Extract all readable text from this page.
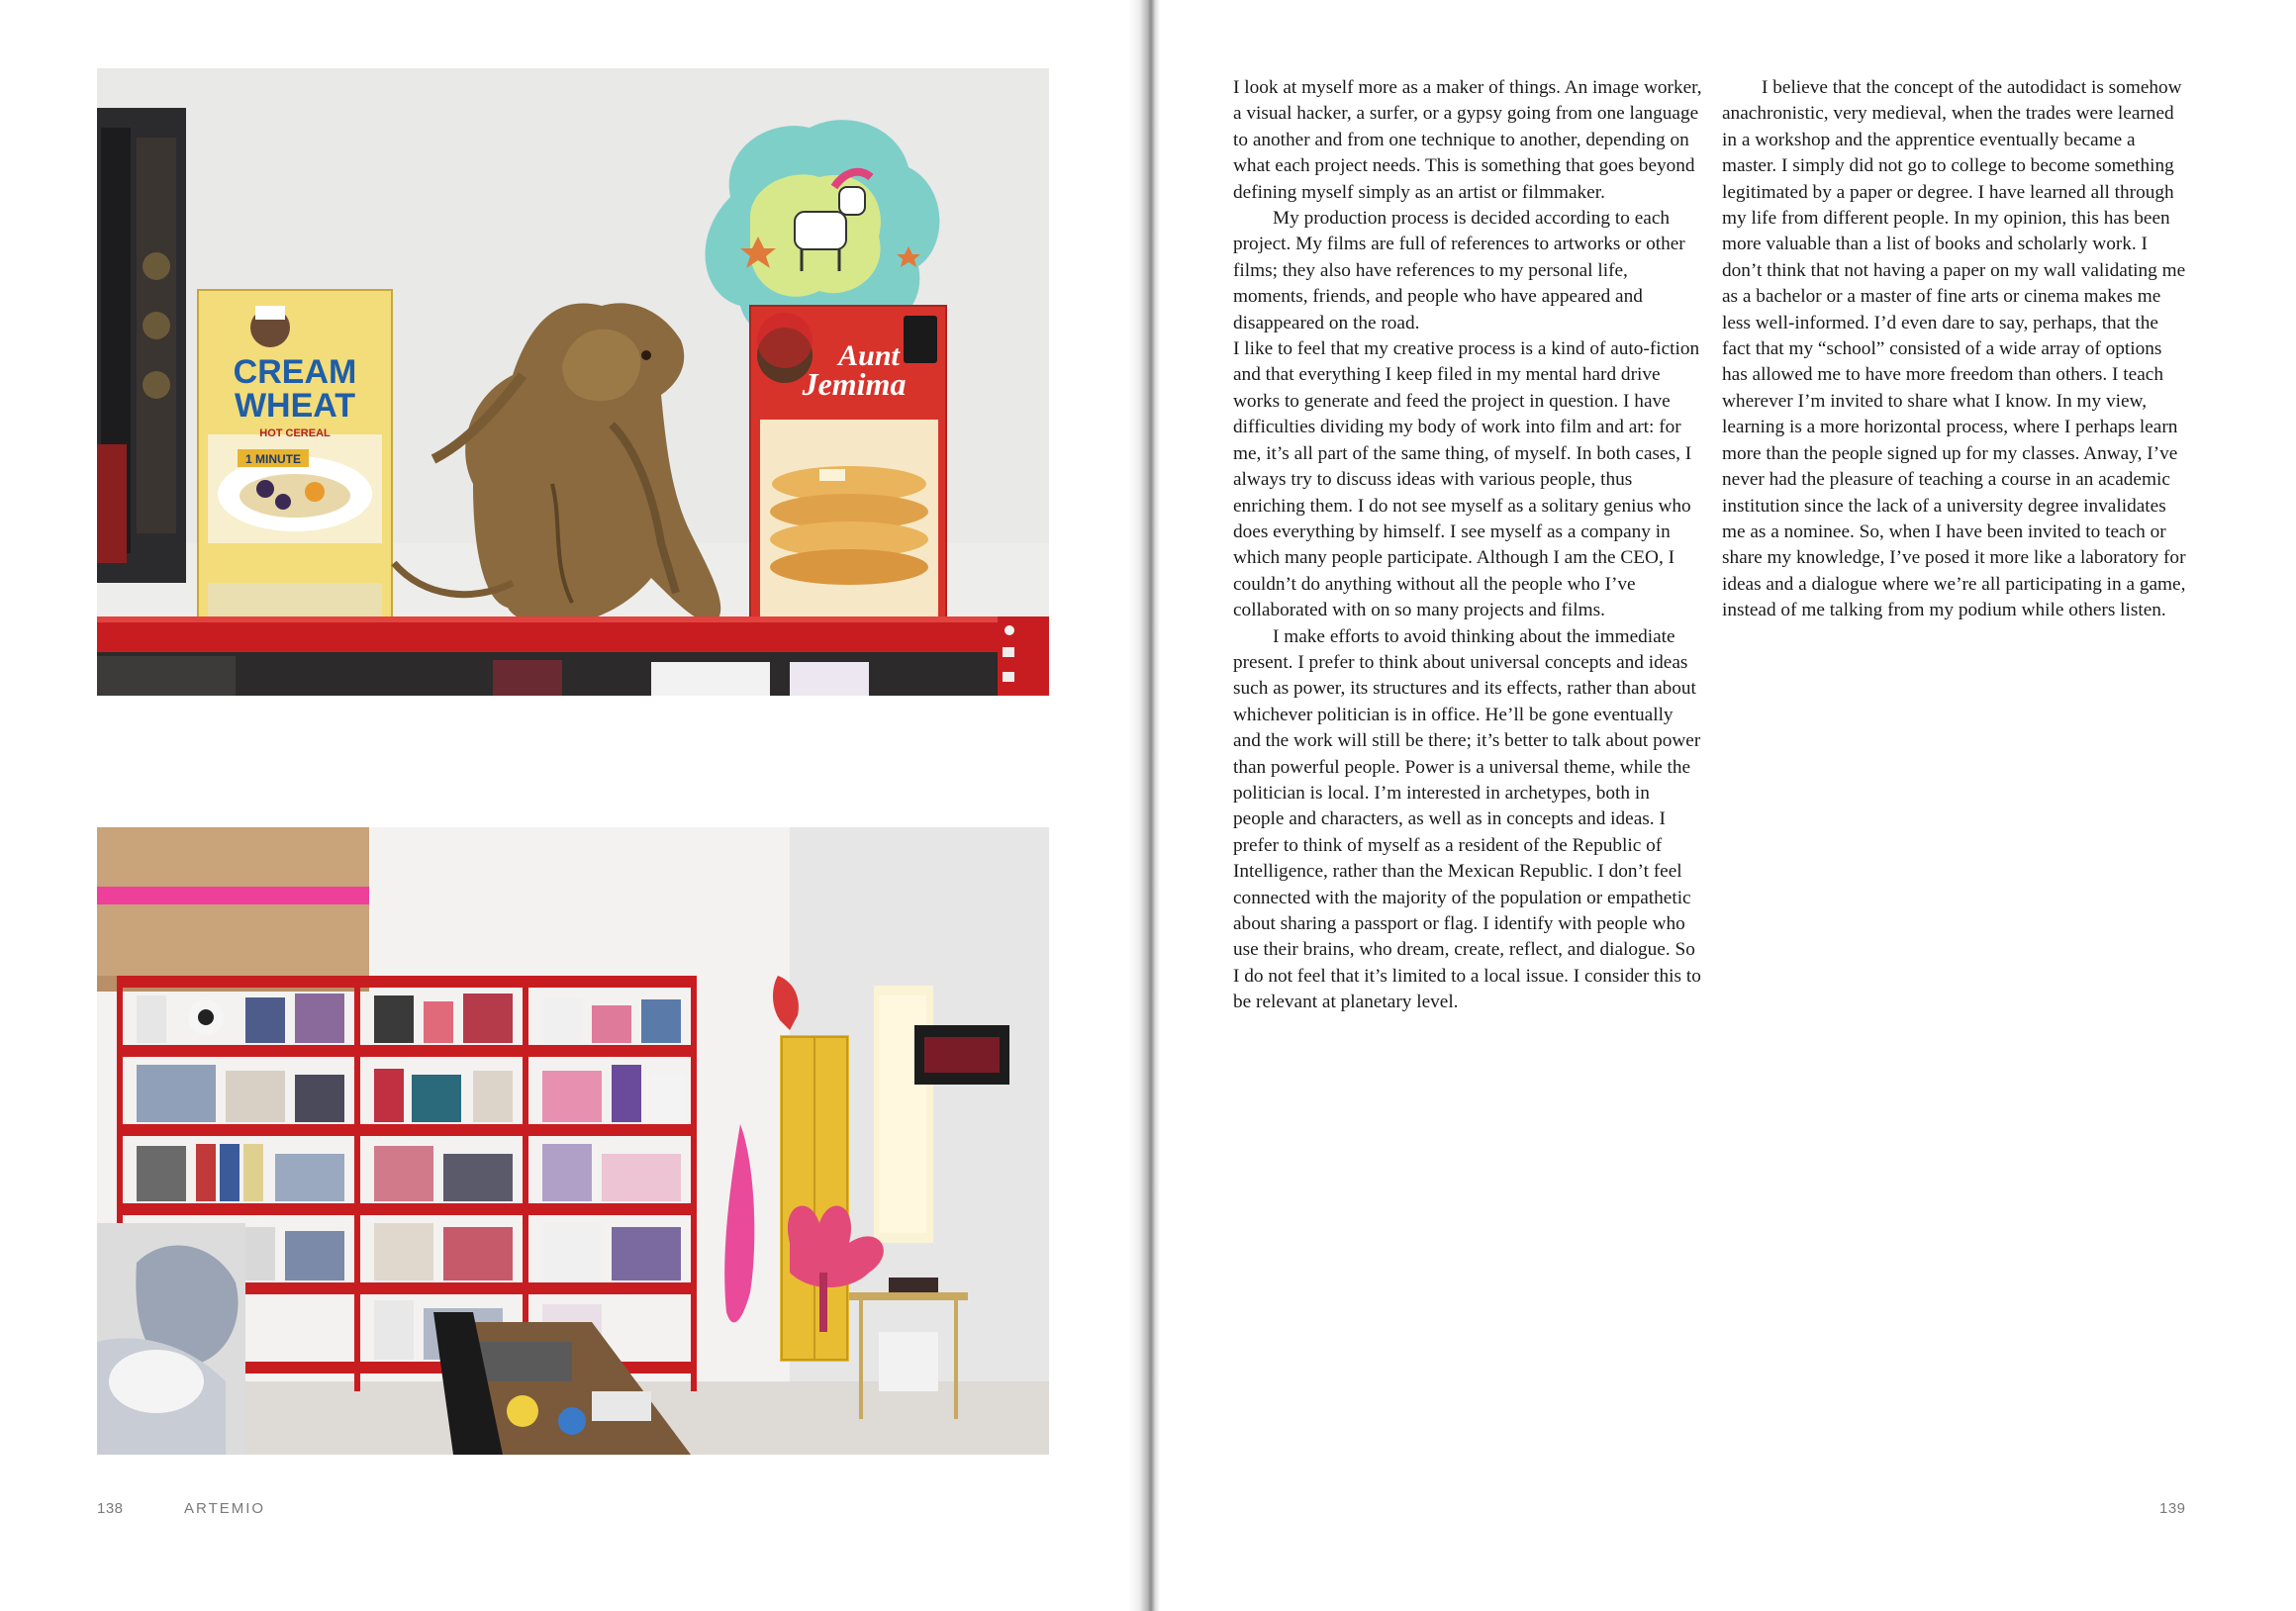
CREAM
WHEAT
HOT CEREAL
1 MINUTE
Aunt
Jemima
138	ARTEMIO	139

I look at myself more as a maker of things. An image worker, a visual hacker, a surfer, or a gypsy going from one language to another and from one technique to another, depending on what each project needs. This is something that goes beyond defining myself simply as an artist or filmmaker.

My production process is decided according to each project. My films are full of references to artworks or other films; they also have references to my personal life, moments, friends, and people who have appeared and disappeared on the road.

I like to feel that my creative process is a kind of auto-fiction and that everything I keep filed in my mental hard drive works to generate and feed the project in question. I have difficulties dividing my body of work into film and art: for me, it’s all part of the same thing, of myself. In both cases, I always try to discuss ideas with various people, thus enriching them. I do not see myself as a solitary genius who does everything by himself. I see myself as a company in which many people participate. Although I am the CEO, I couldn’t do anything without all the people who I’ve collaborated with on so many projects and films.

I make efforts to avoid thinking about the immediate present. I prefer to think about universal concepts and ideas such as power, its structures and its effects, rather than about whichever politician is in office. He’ll be gone eventually and the work will still be there; it’s better to talk about power than powerful people. Power is a universal theme, while the politician is local. I’m interested in archetypes, both in people and characters, as well as in concepts and ideas. I prefer to think of myself as a resident of the Republic of Intelligence, rather than the Mexican Republic. I don’t feel connected with the majority of the population or empathetic about sharing a passport or flag. I identify with people who use their brains, who dream, create, reflect, and dialogue. So I do not feel that it’s limited to a local issue. I consider this to be relevant at planetary level.

I believe that the concept of the autodidact is somehow anachronistic, very medieval, when the trades were learned in a workshop and the apprentice eventually became a master. I simply did not go to college to become something legitimated by a paper or degree. I have learned all through my life from different people. In my opinion, this has been more valuable than a list of books and scholarly work. I don’t think that not having a paper on my wall validating me as a bachelor or a master of fine arts or cinema makes me less well-informed. I’d even dare to say, perhaps, that the fact that my “school” consisted of a wide array of options has allowed me to have more freedom than others. I teach wherever I’m invited to share what I know. In my view, learning is a more horizontal process, where I perhaps learn more than the people signed up for my classes. Anway, I’ve never had the pleasure of teaching a course in an academic institution since the lack of a university degree invalidates me as a nominee. So, when I have been invited to teach or share my knowledge, I’ve posed it more like a laboratory for ideas and a dialogue where we’re all participating in a game, instead of me talking from my podium while others listen.
